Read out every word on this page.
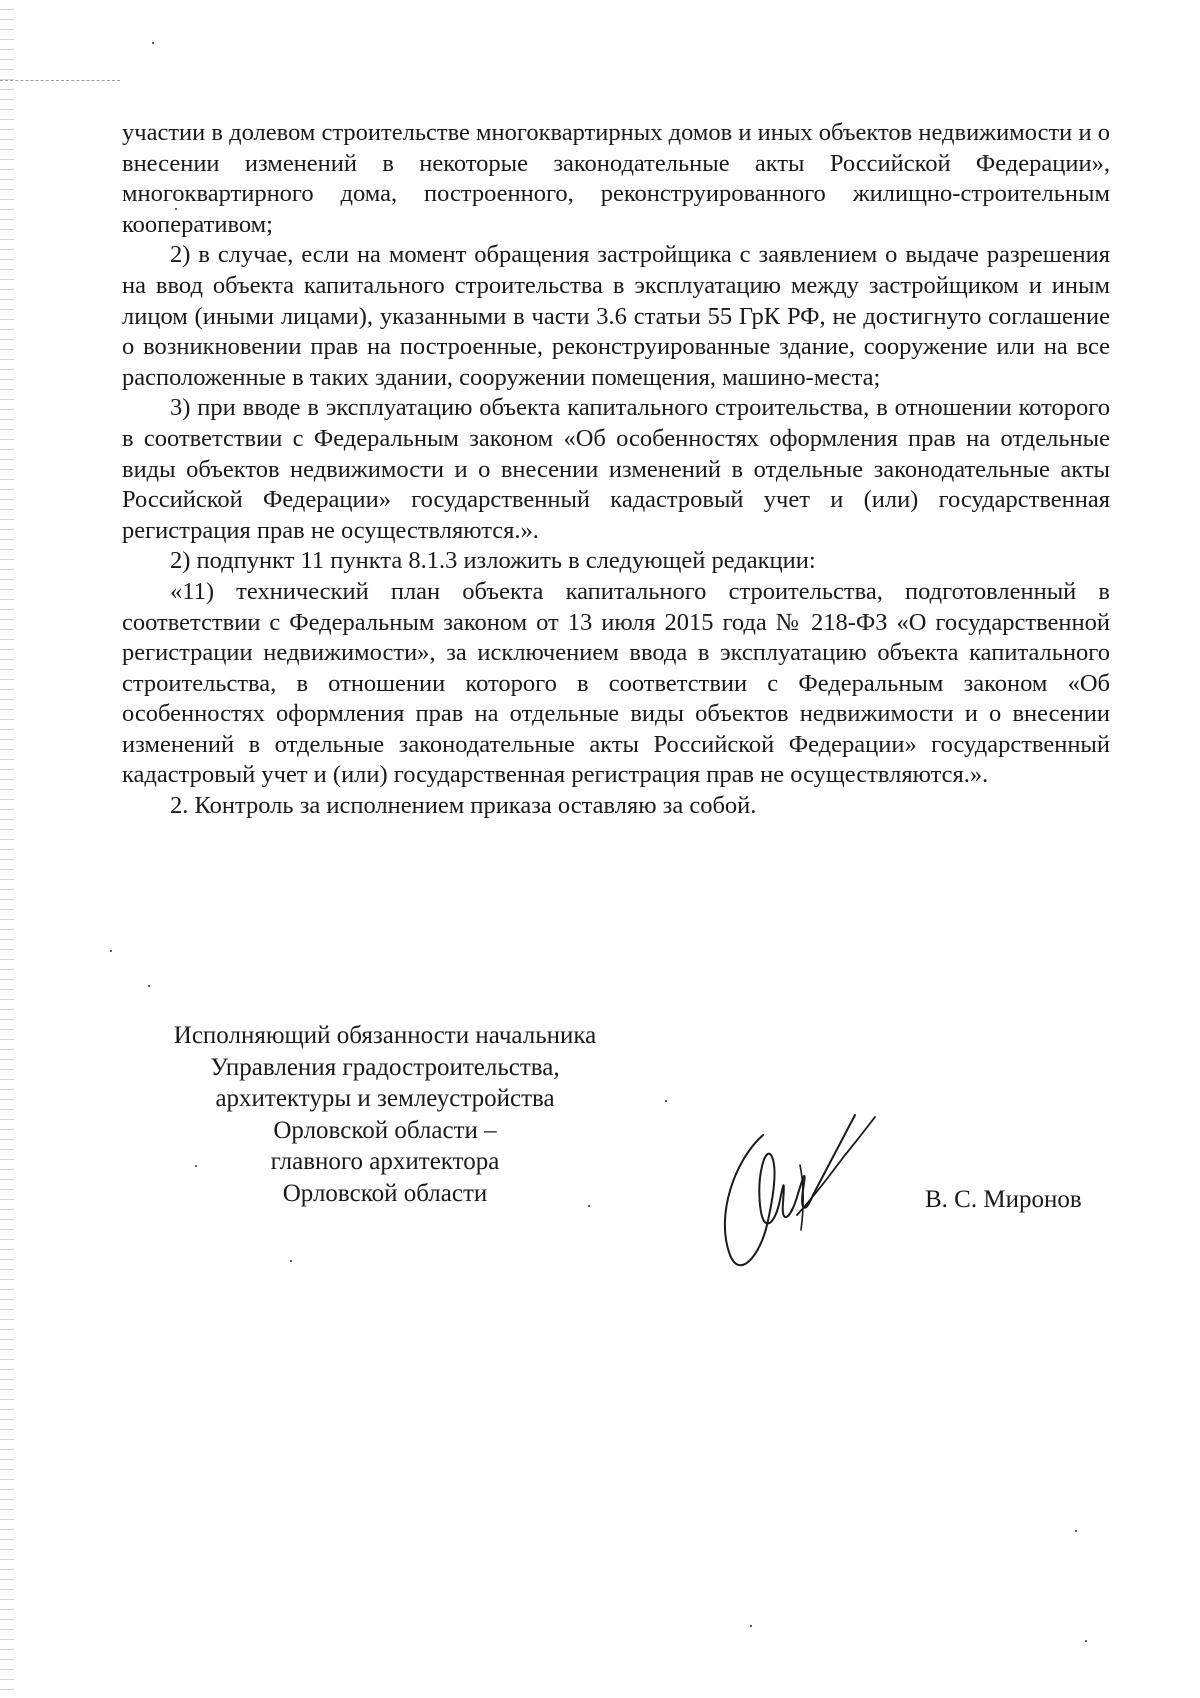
участии в долевом строительстве многоквартирных домов и иных объектов недвижимости и о внесении изменений в некоторые законодательные акты Российской Федерации», многоквартирного дома, построенного, реконструированного жилищно-строительным кооперативом;

2) в случае, если на момент обращения застройщика с заявлением о выдаче разрешения на ввод объекта капитального строительства в эксплуатацию между застройщиком и иным лицом (иными лицами), указанными в части 3.6 статьи 55 ГрК РФ, не достигнуто соглашение о возникновении прав на построенные, реконструированные здание, сооружение или на все расположенные в таких здании, сооружении помещения, машино-места;

3) при вводе в эксплуатацию объекта капитального строительства, в отношении которого в соответствии с Федеральным законом «Об особенностях оформления прав на отдельные виды объектов недвижимости и о внесении изменений в отдельные законодательные акты Российской Федерации» государственный кадастровый учет и (или) государственная регистрация прав не осуществляются.».

2) подпункт 11 пункта 8.1.3 изложить в следующей редакции:

«11) технический план объекта капитального строительства, подготовленный в соответствии с Федеральным законом от 13 июля 2015 года № 218-ФЗ «О государственной регистрации недвижимости», за исключением ввода в эксплуатацию объекта капитального строительства, в отношении которого в соответствии с Федеральным законом «Об особенностях оформления прав на отдельные виды объектов недвижимости и о внесении изменений в отдельные законодательные акты Российской Федерации» государственный кадастровый учет и (или) государственная регистрация прав не осуществляются.».

2. Контроль за исполнением приказа оставляю за собой.

Исполняющий обязанности начальника
Управления градостроительства,
архитектуры и землеустройства
Орловской области –
главного архитектора
Орловской области	В. С. Миронов
